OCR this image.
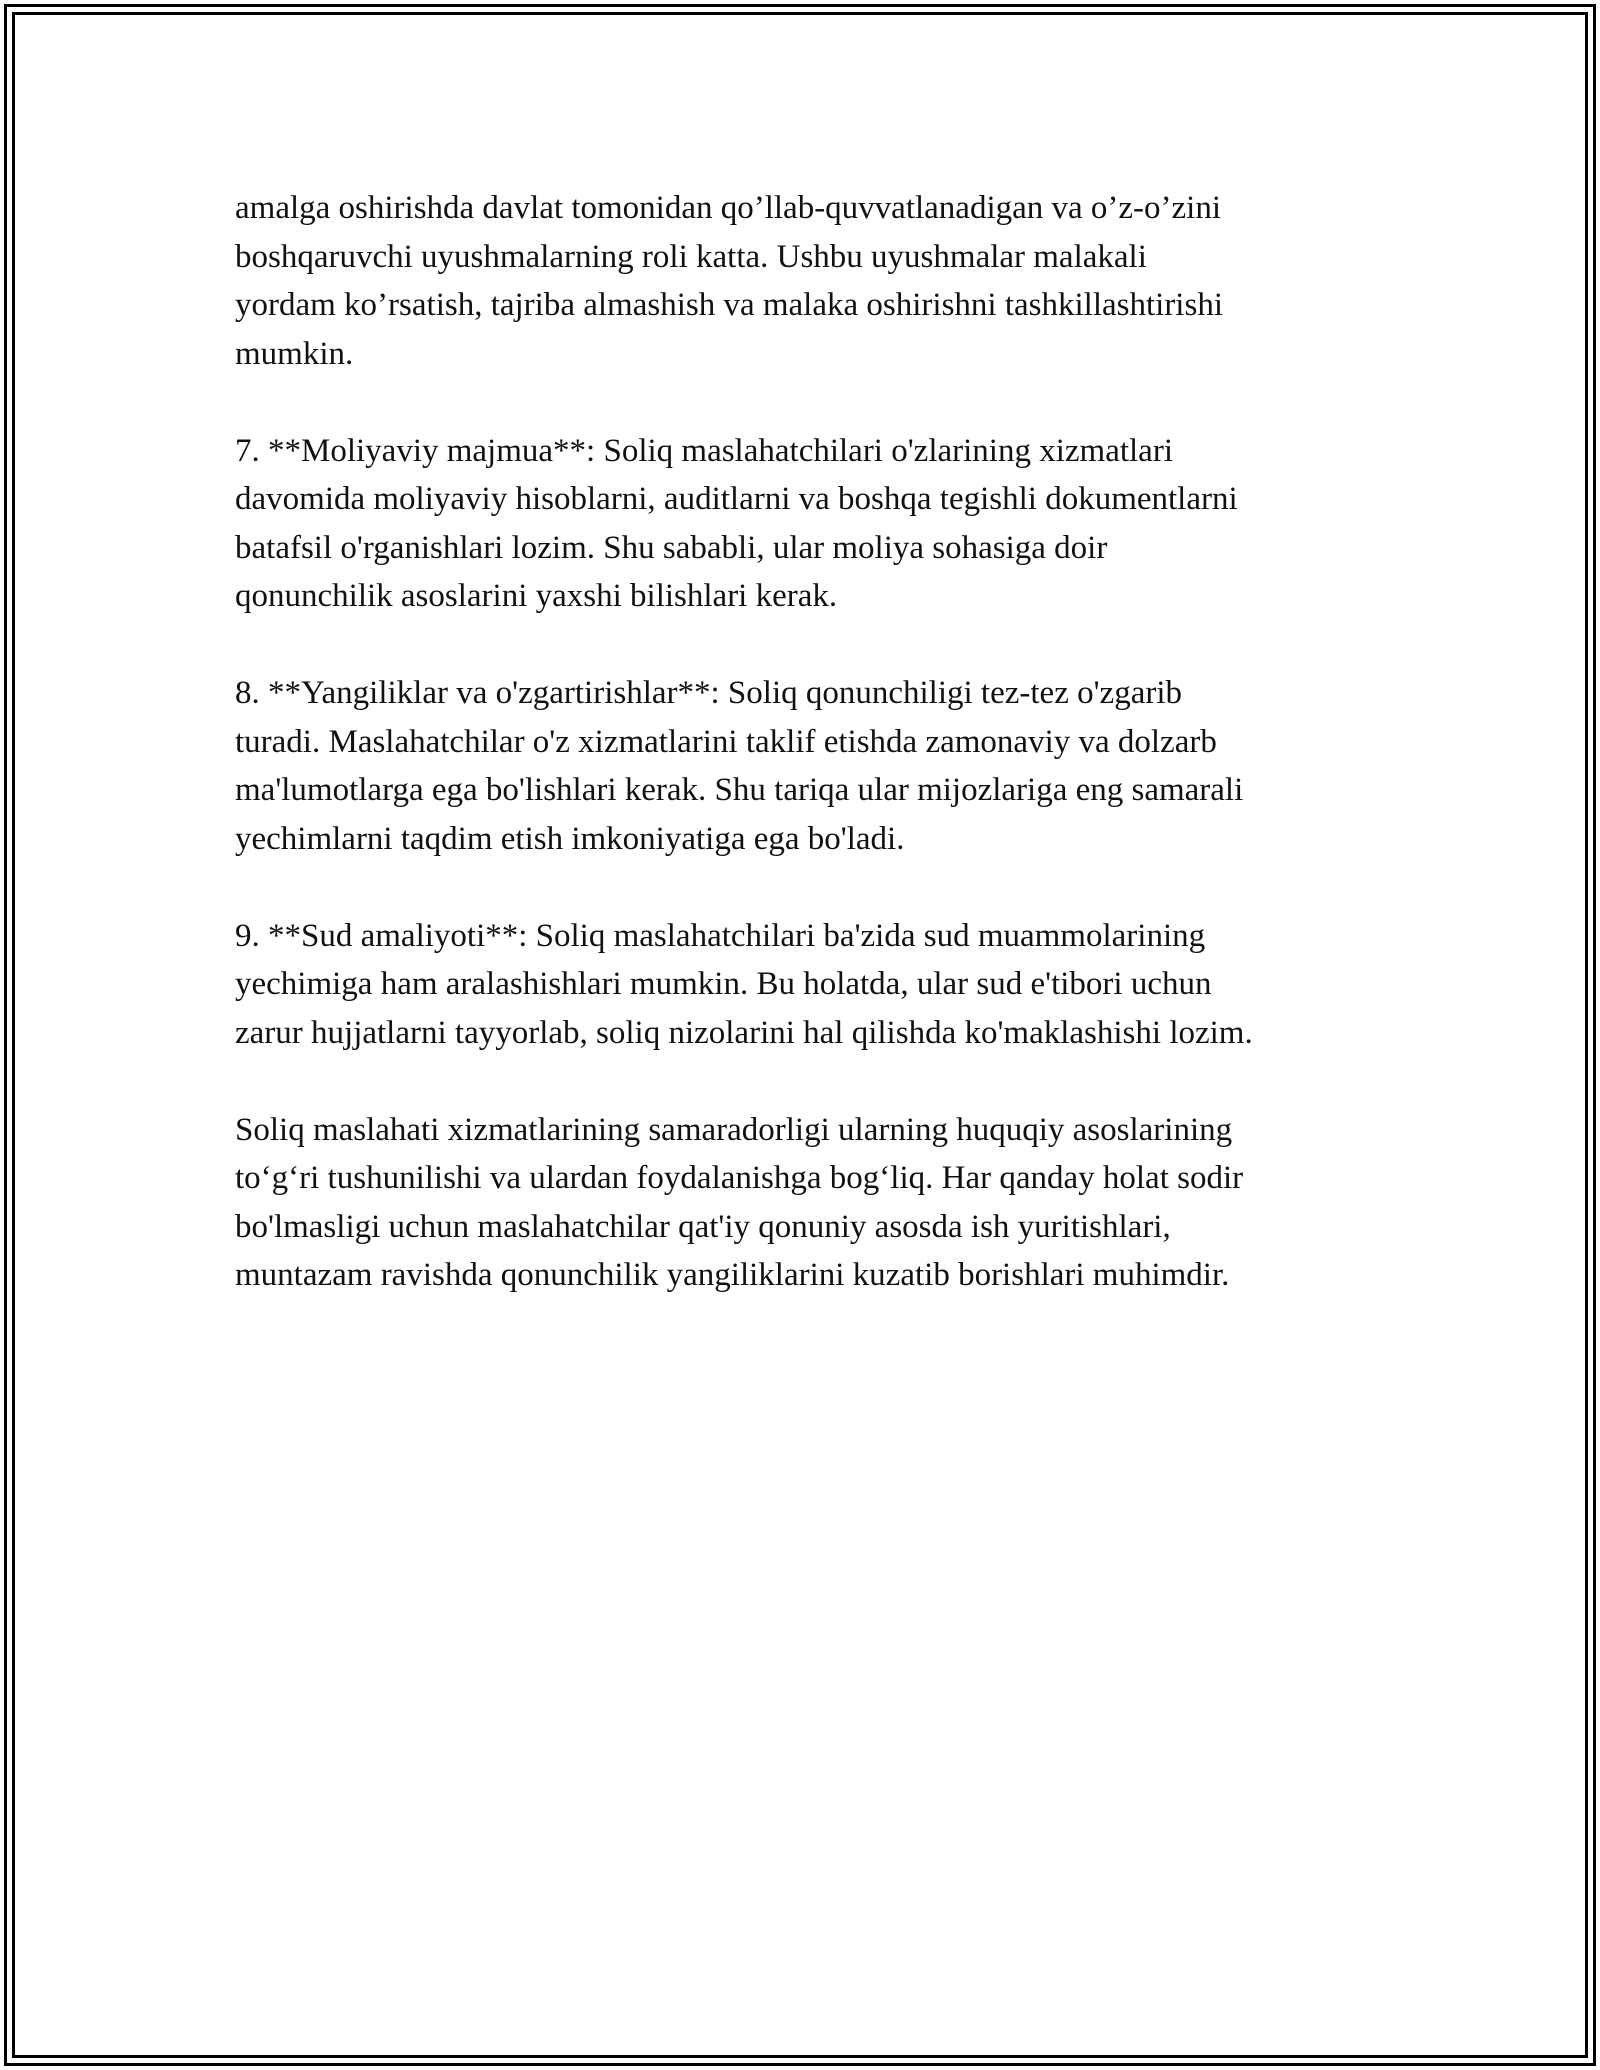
amalga oshirishda davlat tomonidan qo’llab-quvvatlanadigan va o’z-o’zini
boshqaruvchi uyushmalarning roli katta. Ushbu uyushmalar malakali
yordam ko’rsatish, tajriba almashish va malaka oshirishni tashkillashtirishi
mumkin.

7. **Moliyaviy majmua**: Soliq maslahatchilari o'zlarining xizmatlari
davomida moliyaviy hisoblarni, auditlarni va boshqa tegishli dokumentlarni
batafsil o'rganishlari lozim. Shu sababli, ular moliya sohasiga doir
qonunchilik asoslarini yaxshi bilishlari kerak.

8. **Yangiliklar va o'zgartirishlar**: Soliq qonunchiligi tez-tez o'zgarib
turadi. Maslahatchilar o'z xizmatlarini taklif etishda zamonaviy va dolzarb
ma'lumotlarga ega bo'lishlari kerak. Shu tariqa ular mijozlariga eng samarali
yechimlarni taqdim etish imkoniyatiga ega bo'ladi.

9. **Sud amaliyoti**: Soliq maslahatchilari ba'zida sud muammolarining
yechimiga ham aralashishlari mumkin. Bu holatda, ular sud e'tibori uchun
zarur hujjatlarni tayyorlab, soliq nizolarini hal qilishda ko'maklashishi lozim.

Soliq maslahati xizmatlarining samaradorligi ularning huquqiy asoslarining
to‘g‘ri tushunilishi va ulardan foydalanishga bog‘liq. Har qanday holat sodir
bo'lmasligi uchun maslahatchilar qat'iy qonuniy asosda ish yuritishlari,
muntazam ravishda qonunchilik yangiliklarini kuzatib borishlari muhimdir.
